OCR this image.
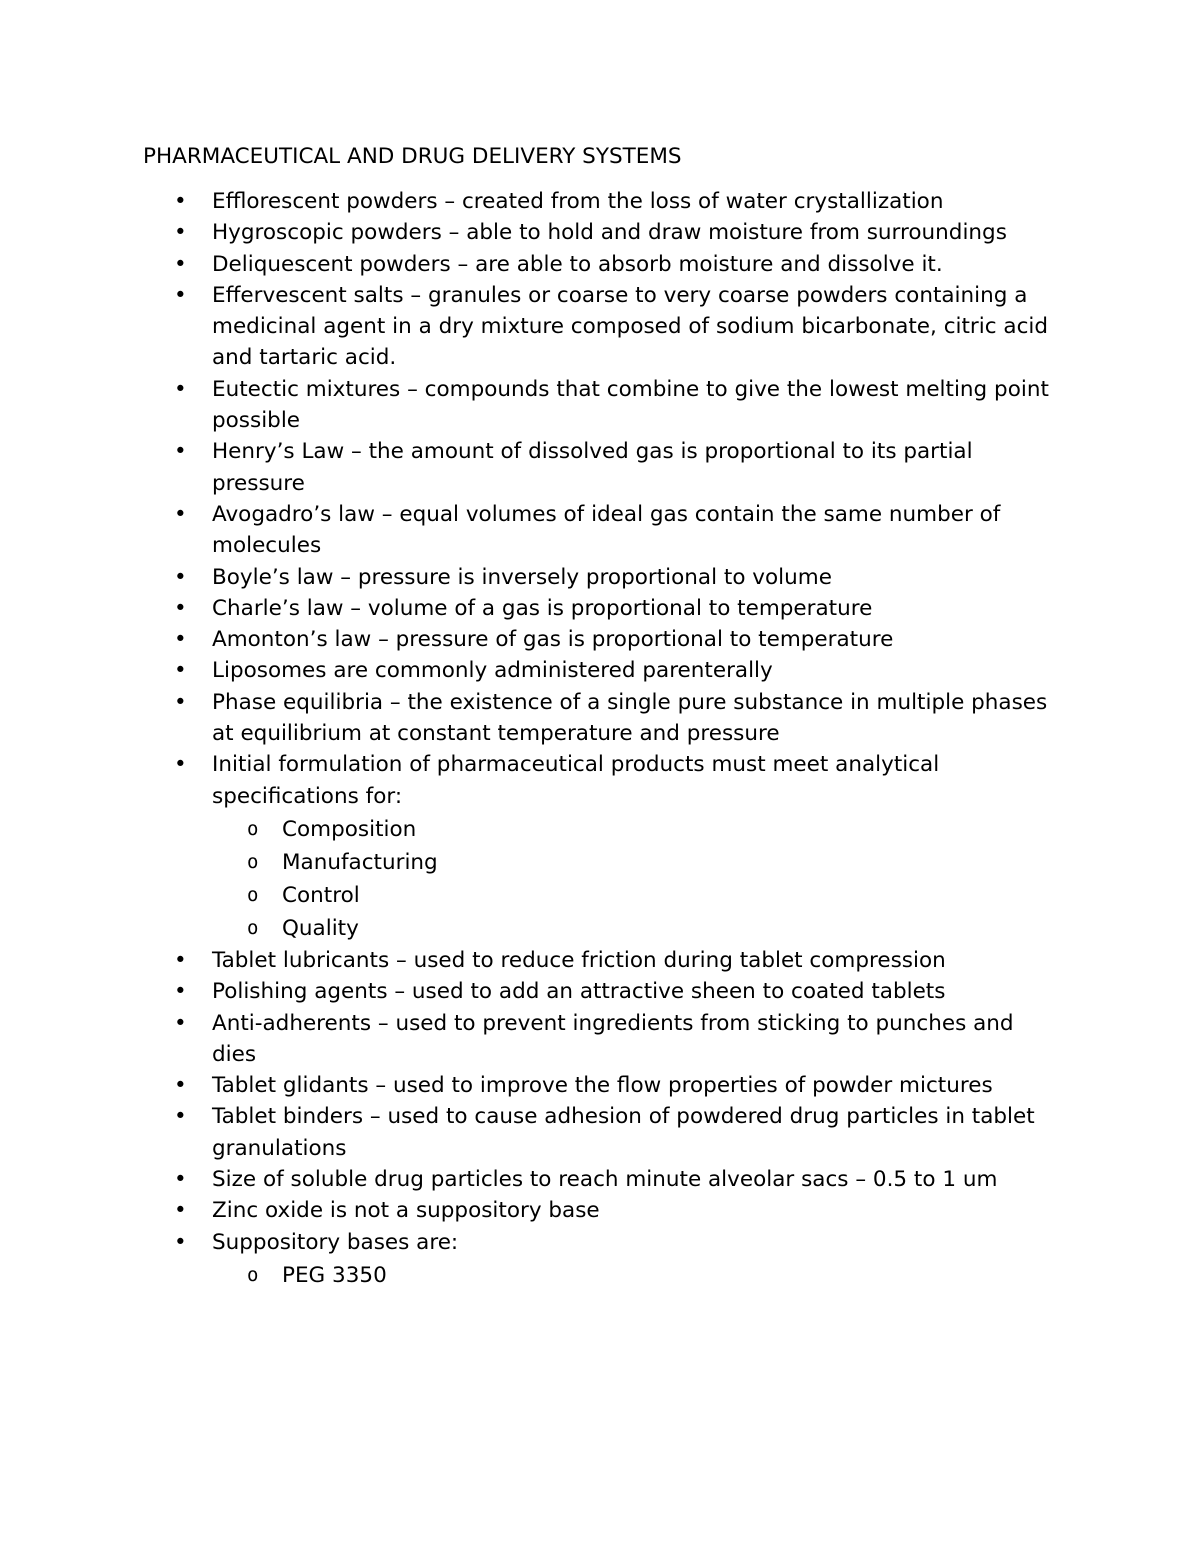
PHARMACEUTICAL AND DRUG DELIVERY SYSTEMS
• Efflorescent powders – created from the loss of water crystallization
• Hygroscopic powders – able to hold and draw moisture from surroundings
• Deliquescent powders – are able to absorb moisture and dissolve it.
• Effervescent salts – granules or coarse to very coarse powders containing a medicinal agent in a dry mixture composed of sodium bicarbonate, citric acid and tartaric acid.
• Eutectic mixtures – compounds that combine to give the lowest melting point possible
• Henry’s Law – the amount of dissolved gas is proportional to its partial pressure
• Avogadro’s law – equal volumes of ideal gas contain the same number of molecules
• Boyle’s law – pressure is inversely proportional to volume
• Charle’s law – volume of a gas is proportional to temperature
• Amonton’s law – pressure of gas is proportional to temperature
• Liposomes are commonly administered parenterally
• Phase equilibria – the existence of a single pure substance in multiple phases at equilibrium at constant temperature and pressure
• Initial formulation of pharmaceutical products must meet analytical specifications for:
o Composition
o Manufacturing
o Control
o Quality
• Tablet lubricants – used to reduce friction during tablet compression
• Polishing agents – used to add an attractive sheen to coated tablets
• Anti-adherents – used to prevent ingredients from sticking to punches and dies
• Tablet glidants – used to improve the flow properties of powder mictures
• Tablet binders – used to cause adhesion of powdered drug particles in tablet granulations
• Size of soluble drug particles to reach minute alveolar sacs – 0.5 to 1 um
• Zinc oxide is not a suppository base
• Suppository bases are:
o PEG 3350
